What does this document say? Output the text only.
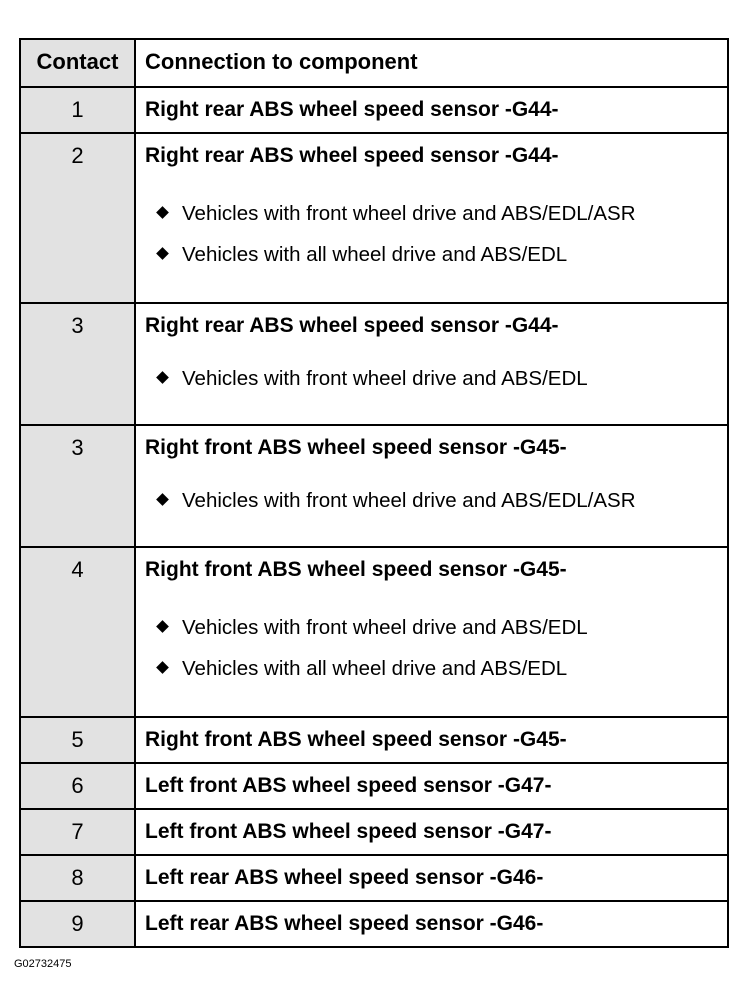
Contact	Connection to component
1	Right rear ABS wheel speed sensor -G44-
2	Right rear ABS wheel speed sensor -G44-
Vehicles with front wheel drive and ABS/EDL/ASR
Vehicles with all wheel drive and ABS/EDL
3	Right rear ABS wheel speed sensor -G44-
Vehicles with front wheel drive and ABS/EDL
3	Right front ABS wheel speed sensor -G45-
Vehicles with front wheel drive and ABS/EDL/ASR
4	Right front ABS wheel speed sensor -G45-
Vehicles with front wheel drive and ABS/EDL
Vehicles with all wheel drive and ABS/EDL
5	Right front ABS wheel speed sensor -G45-
6	Left front ABS wheel speed sensor -G47-
7	Left front ABS wheel speed sensor -G47-
8	Left rear ABS wheel speed sensor -G46-
9	Left rear ABS wheel speed sensor -G46-
G02732475
